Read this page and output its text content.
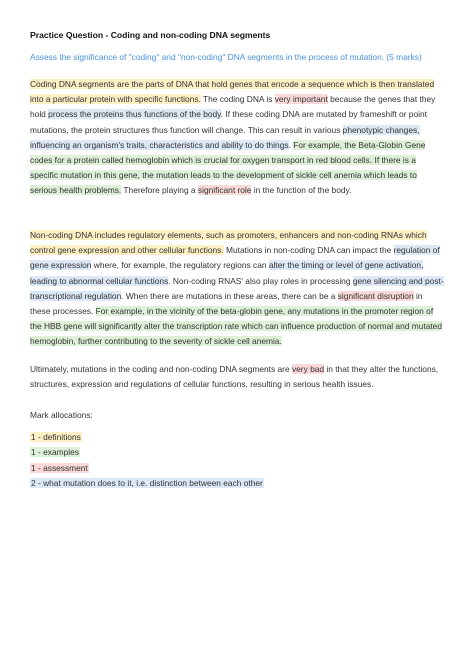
Practice Question - Coding and non-coding DNA segments

Assess the significance of "coding" and "non-coding" DNA segments in the process of mutation. (5 marks)

Coding DNA segments are the parts of DNA that hold genes that encode a sequence which is then translated into a particular protein with specific functions. The coding DNA is very important because the genes that they hold process the proteins thus functions of the body. If these coding DNA are mutated by frameshift or point mutations, the protein structures thus function will change. This can result in various phenotypic changes, influencing an organism's traits, characteristics and ability to do things. For example, the Beta-Globin Gene codes for a protein called hemoglobin which is crucial for oxygen transport in red blood cells. If there is a specific mutation in this gene, the mutation leads to the development of sickle cell anemia which leads to serious health problems. Therefore playing a significant role in the function of the body.

Non-coding DNA includes regulatory elements, such as promoters, enhancers and non-coding RNAs which control gene expression and other cellular functions. Mutations in non-coding DNA can impact the regulation of gene expression where, for example, the regulatory regions can alter the timing or level of gene activation, leading to abnormal cellular functions. Non-coding RNAS' also play roles in processing gene silencing and post-transcriptional regulation. When there are mutations in these areas, there can be a significant disruption in these processes. For example, in the vicinity of the beta-globin gene, any mutations in the promoter region of the HBB gene will significantly alter the transcription rate which can influence production of normal and mutated hemoglobin, further contributing to the severity of sickle cell anemia.

Ultimately, mutations in the coding and non-coding DNA segments are very bad in that they alter the functions, structures, expression and regulations of cellular functions, resulting in serious health issues.

Mark allocations:
1 - definitions
1 - examples
1 - assessment
2 - what mutation does to it, i.e. distinction between each other
